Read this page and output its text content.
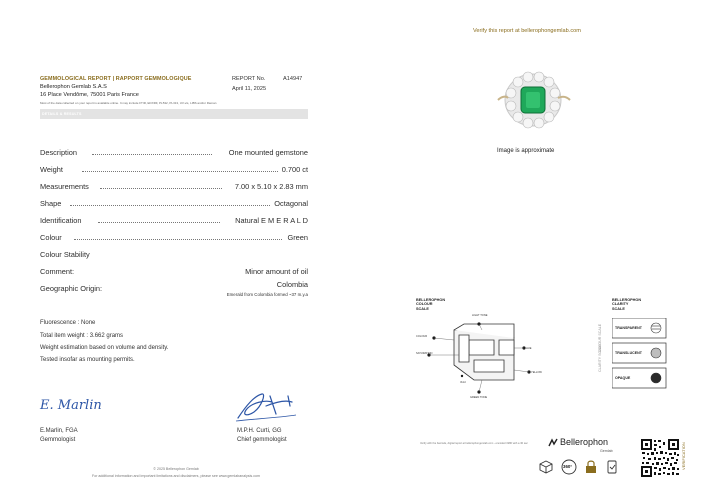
GEMMOLOGICAL REPORT | RAPPORT GEMMOLOGIQUE	REPORT No.	A14947
Bellerophon Gemlab S.A.S	April 11, 2025
16 Place Vendôme, 75001 Paris France
Most of the data collected on your report is available online. It may include FTIR, EDXRF, PL532, PL313, UV-vis, LIBS and/or Raman
DETAILS & RESULTS
Description	One mounted gemstone
Weight	0.700 ct
Measurements	7.00 x 5.10 x 2.83 mm
Shape	Octagonal
Identification	Natural E M E R A L D
Colour	Green
Colour Stability
Comment:	Minor amount of oil
Geographic Origin:	Colombia
Emerald from Colombia formed ~37 m.y.a
Fluorescence : None
Total item weight : 3.662 grams
Weight estimation based on volume and density.
Tested insofar as mounting permits.
E. Marlin
E.Marlin, FGA
Gemmologist
M.P.H. Curti, GG
Chief gemmologist
© 2025 Bellerophon Gemlab
For additional information and important limitations and disclaimers, please see www.gemlabanalysis.com
Verify this report at bellerophongemlab.com
Image is approximate
BELLEROPHON
COLOUR
SCALE
LIGHT TONE
HUE
COLOUR
SATURATION
GREEN TONE
YELLOW
Vivid
BELLEROPHON
CLARITY
SCALE
TRANSPARENT
TRANSLUCENT
OPAQUE
CLARITY SCALE
COLOUR SCALE
VERIFICATION
Verify with the barcode, digital report at bellerophongemlab.com - encoded 1980 with a 30 sec	Bellerophon
Gemlab
360°
